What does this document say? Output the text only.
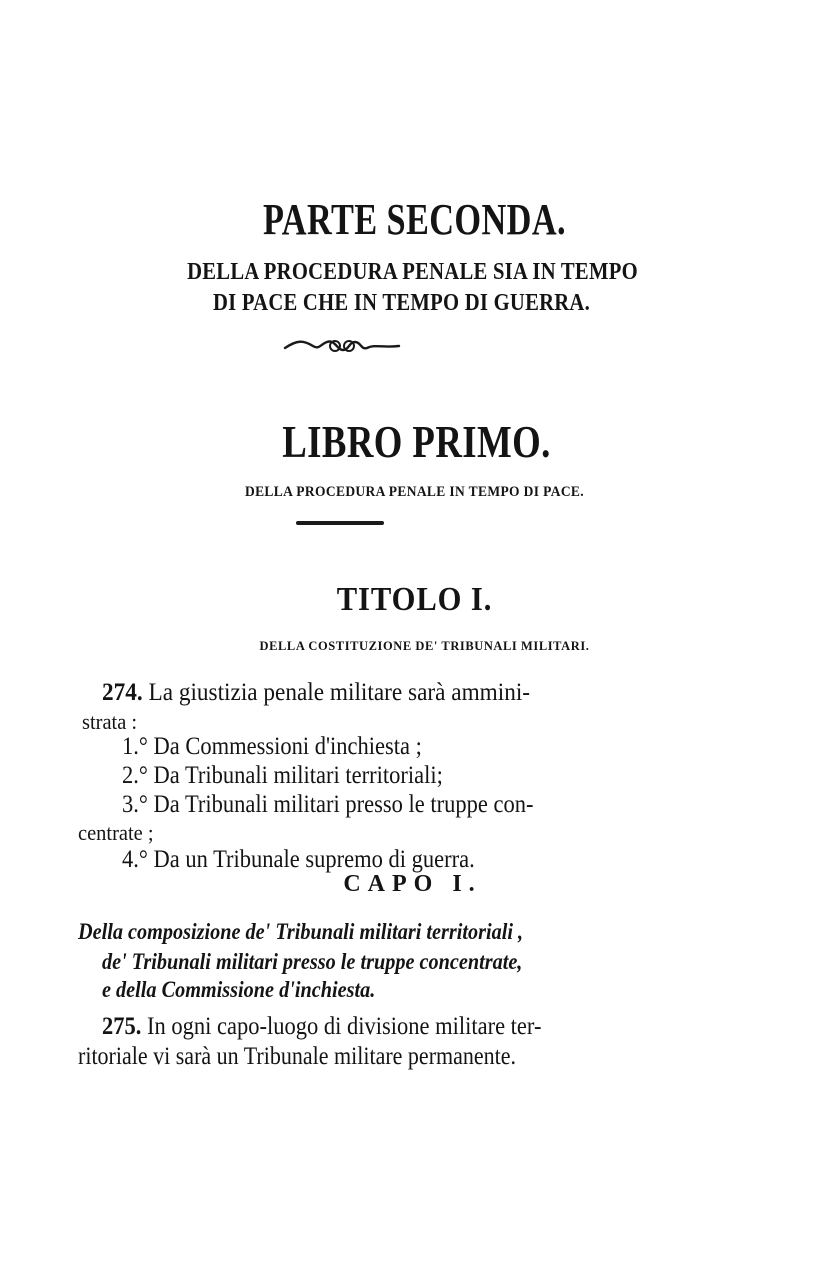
PARTE SECONDA.
DELLA PROCEDURA PENALE SIA IN TEMPO
DI PACE CHE IN TEMPO DI GUERRA.
LIBRO PRIMO.
DELLA PROCEDURA PENALE IN TEMPO DI PACE.
TITOLO I.
DELLA COSTITUZIONE DE' TRIBUNALI MILITARI.
274. La giustizia penale militare sarà ammini-
strata :
1.° Da Commessioni d'inchiesta ;
2.° Da Tribunali militari territoriali;
3.° Da Tribunali militari presso le truppe con-
centrate ;
4.° Da un Tribunale supremo di guerra.
CAPO I.
Della composizione de' Tribunali militari territoriali ,
de' Tribunali militari presso le truppe concentrate,
e della Commissione d'inchiesta.
275. In ogni capo-luogo di divisione militare ter-
ritoriale vi sarà un Tribunale militare permanente.
